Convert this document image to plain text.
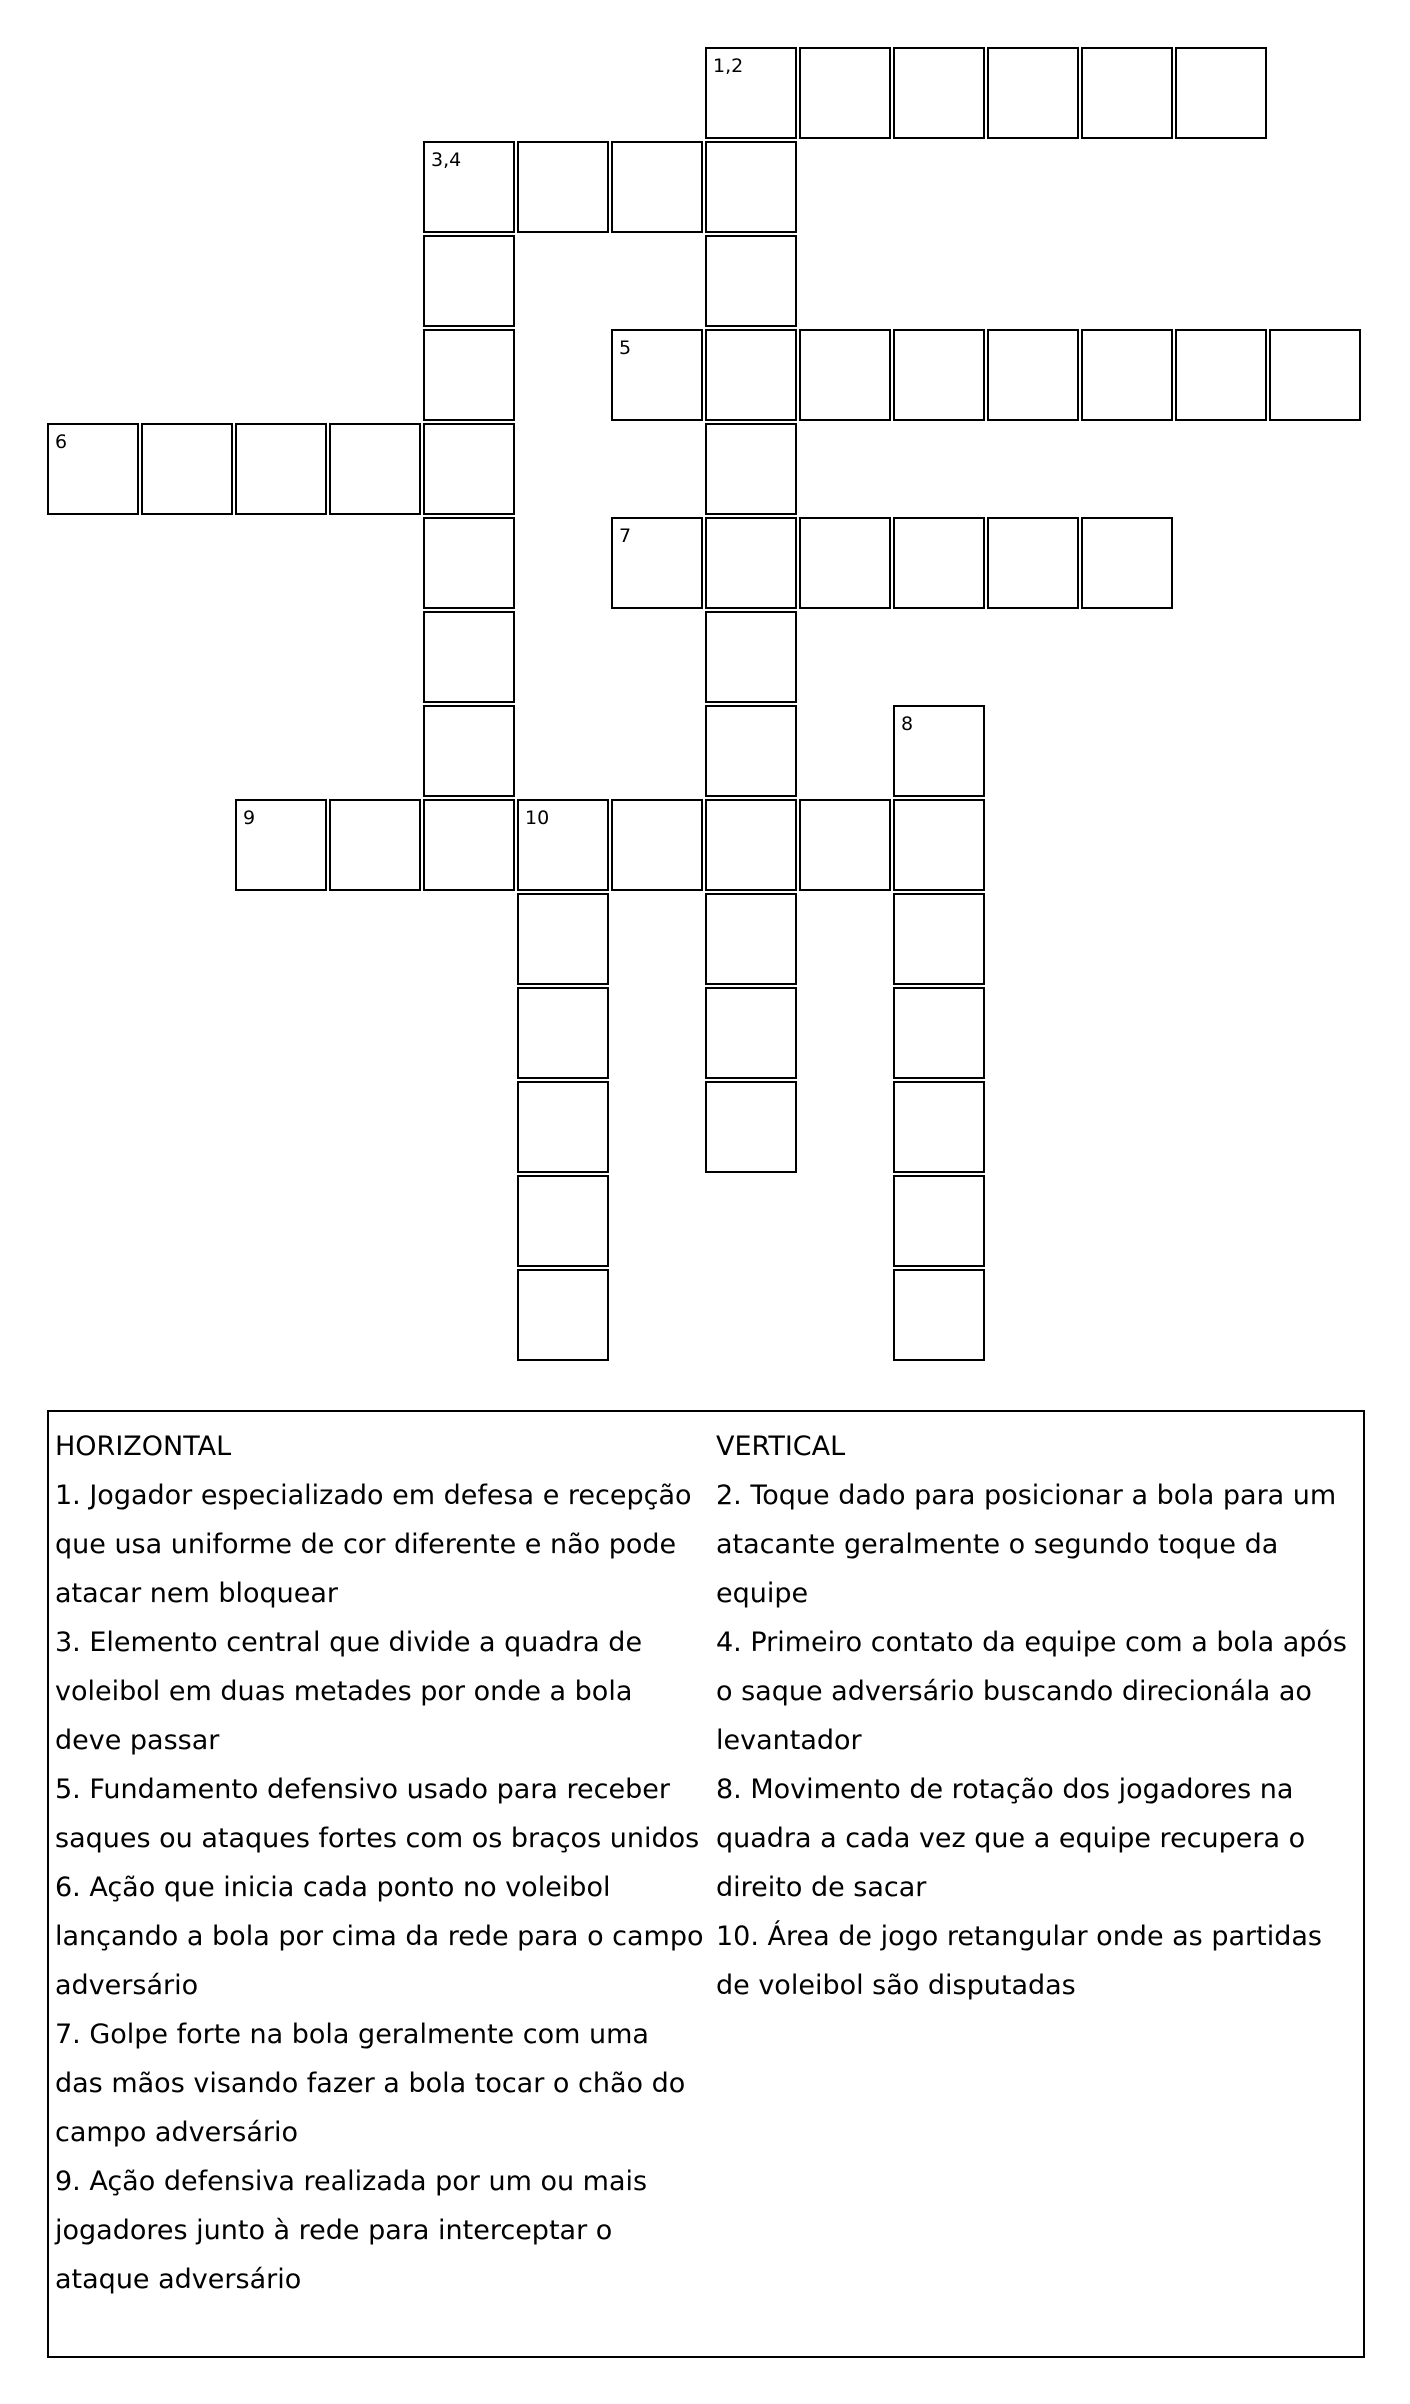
1,2
3,4
5
6
7
8
9	10
HORIZONTAL
1. Jogador especializado em defesa e recepção que usa uniforme de cor diferente e não pode atacar nem bloquear
3. Elemento central que divide a quadra de voleibol em duas metades por onde a bola deve passar
5. Fundamento defensivo usado para receber saques ou ataques fortes com os braços unidos
6. Ação que inicia cada ponto no voleibol lançando a bola por cima da rede para o campo adversário
7. Golpe forte na bola geralmente com uma das mãos visando fazer a bola tocar o chão do campo adversário
9. Ação defensiva realizada por um ou mais jogadores junto à rede para interceptar o ataque adversário
VERTICAL
2. Toque dado para posicionar a bola para um atacante geralmente o segundo toque da equipe
4. Primeiro contato da equipe com a bola após o saque adversário buscando direcionála ao levantador
8. Movimento de rotação dos jogadores na quadra a cada vez que a equipe recupera o direito de sacar
10. Área de jogo retangular onde as partidas de voleibol são disputadas
